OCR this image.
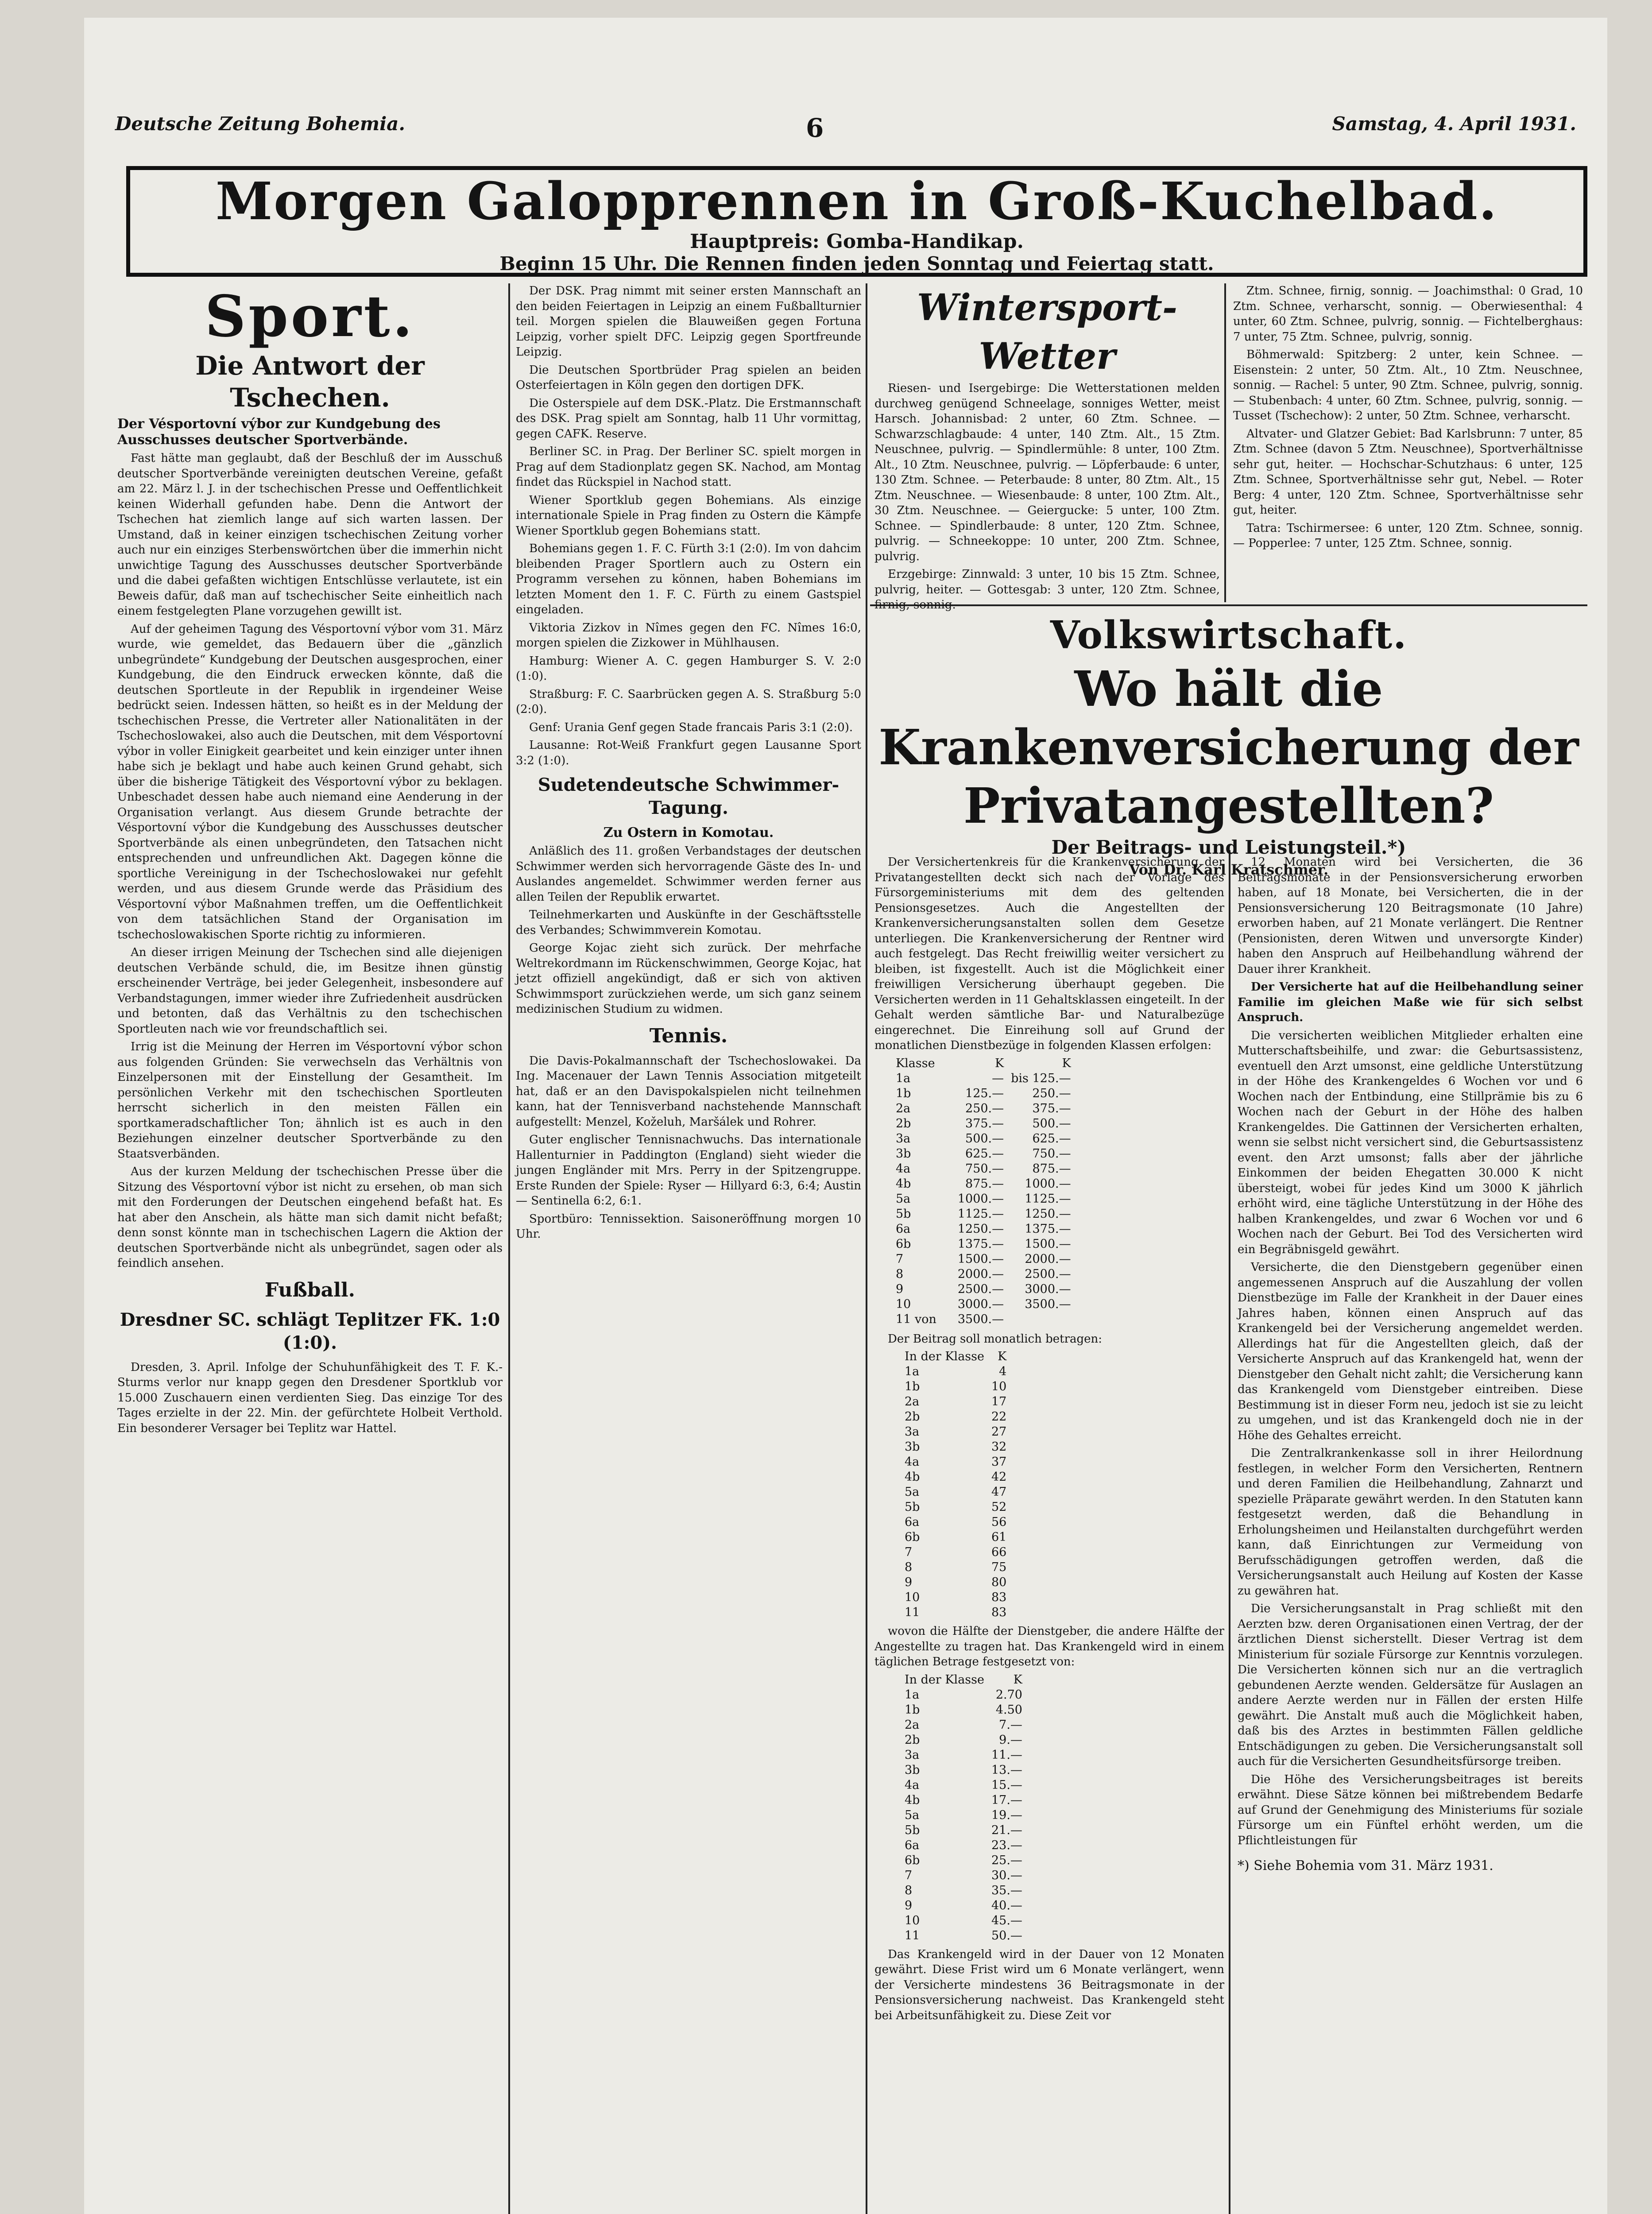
Deutsche Zeitung Bohemia.	6	Samstag, 4. April 1931.
Morgen Galopprennen in Groß-Kuchelbad.
Hauptpreis: Gomba-Handikap.
Beginn 15 Uhr. Die Rennen finden jeden Sonntag und Feiertag statt.
Sport.
Die Antwort der Tschechen.
Der Vésportovní výbor zur Kundgebung des Ausschusses deutscher Sportverbände.

Fast hätte man geglaubt, daß der Beschluß der im Ausschuß deutscher Sportverbände vereinigten deutschen Vereine, gefaßt am 22. März l. J. in der tschechischen Presse und Oeffentlichkeit keinen Widerhall gefunden habe. Denn die Antwort der Tschechen hat ziemlich lange auf sich warten lassen. Der Umstand, daß in keiner einzigen tschechischen Zeitung vorher auch nur ein einziges Sterbenswörtchen über die immerhin nicht unwichtige Tagung des Ausschusses deutscher Sportverbände und die dabei gefaßten wichtigen Entschlüsse verlautete, ist ein Beweis dafür, daß man auf tschechischer Seite einheitlich nach einem festgelegten Plane vorzugehen gewillt ist.

Auf der geheimen Tagung des Vésportovní výbor vom 31. März wurde, wie gemeldet, das Bedauern über die „gänzlich unbegründete“ Kundgebung der Deutschen ausgesprochen, einer Kundgebung, die den Eindruck erwecken könnte, daß die deutschen Sportleute in der Republik in irgendeiner Weise bedrückt seien. Indessen hätten, so heißt es in der Meldung der tschechischen Presse, die Vertreter aller Nationalitäten in der Tschechoslowakei, also auch die Deutschen, mit dem Vésportovní výbor in voller Einigkeit gearbeitet und kein einziger unter ihnen habe sich je beklagt und habe auch keinen Grund gehabt, sich über die bisherige Tätigkeit des Vésportovní výbor zu beklagen. Unbeschadet dessen habe auch niemand eine Aenderung in der Organisation verlangt. Aus diesem Grunde betrachte der Vésportovní výbor die Kundgebung des Ausschusses deutscher Sportverbände als einen unbegründeten, den Tatsachen nicht entsprechenden und unfreundlichen Akt. Dagegen könne die sportliche Vereinigung in der Tschechoslowakei nur gefehlt werden, und aus diesem Grunde werde das Präsidium des Vésportovní výbor Maßnahmen treffen, um die Oeffentlichkeit von dem tatsächlichen Stand der Organisation im tschechoslowakischen Sporte richtig zu informieren.

An dieser irrigen Meinung der Tschechen sind alle diejenigen deutschen Verbände schuld, die, im Besitze ihnen günstig erscheinender Verträge, bei jeder Gelegenheit, insbesondere auf Verbandstagungen, immer wieder ihre Zufriedenheit ausdrücken und betonten, daß das Verhältnis zu den tschechischen Sportleuten nach wie vor freundschaftlich sei.

Irrig ist die Meinung der Herren im Vésportovní výbor schon aus folgenden Gründen: Sie verwechseln das Verhältnis von Einzelpersonen mit der Einstellung der Gesamtheit. Im persönlichen Verkehr mit den tschechischen Sportleuten herrscht sicherlich in den meisten Fällen ein sportkameradschaftlicher Ton; ähnlich ist es auch in den Beziehungen einzelner deutscher Sportverbände zu den Staatsverbänden.

Aus der kurzen Meldung der tschechischen Presse über die Sitzung des Vésportovní výbor ist nicht zu ersehen, ob man sich mit den Forderungen der Deutschen eingehend befaßt hat. Es hat aber den Anschein, als hätte man sich damit nicht befaßt; denn sonst könnte man in tschechischen Lagern die Aktion der deutschen Sportverbände nicht als unbegründet, sagen oder als feindlich ansehen.

Fußball.
Dresdner SC. schlägt Teplitzer FK. 1:0 (1:0).

Dresden, 3. April. Infolge der Schuhunfähigkeit des T. F. K.-Sturms verlor nur knapp gegen den Dresdener Sportklub vor 15.000 Zuschauern einen verdienten Sieg. Das einzige Tor des Tages erzielte in der 22. Min. der gefürchtete Holbeit Verthold. Ein besonderer Versager bei Teplitz war Hattel.

Der DSK. Prag nimmt mit seiner ersten Mannschaft an den beiden Feiertagen in Leipzig an einem Fußballturnier teil. Morgen spielen die Blauweißen gegen Fortuna Leipzig, vorher spielt DFC. Leipzig gegen Sportfreunde Leipzig.

Die Deutschen Sportbrüder Prag spielen an beiden Osterfeiertagen in Köln gegen den dortigen DFK.

Die Osterspiele auf dem DSK.-Platz. Die Erstmannschaft des DSK. Prag spielt am Sonntag, halb 11 Uhr vormittag, gegen CAFK. Reserve.

Berliner SC. in Prag. Der Berliner SC. spielt morgen in Prag auf dem Stadionplatz gegen SK. Nachod, am Montag findet das Rückspiel in Nachod statt.

Wiener Sportklub gegen Bohemians. Als einzige internationale Spiele in Prag finden zu Ostern die Kämpfe Wiener Sportklub gegen Bohemians statt.

Bohemians gegen 1. F. C. Fürth 3:1 (2:0). Im von dahcim bleibenden Prager Sportlern auch zu Ostern ein Programm versehen zu können, haben Bohemians im letzten Moment den 1. F. C. Fürth zu einem Gastspiel eingeladen.

Viktoria Zizkov in Nîmes gegen den FC. Nîmes 16:0, morgen spielen die Zizkower in Mühlhausen.

Hamburg: Wiener A. C. gegen Hamburger S. V. 2:0 (1:0).

Straßburg: F. C. Saarbrücken gegen A. S. Straßburg 5:0 (2:0).

Genf: Urania Genf gegen Stade francais Paris 3:1 (2:0).

Lausanne: Rot-Weiß Frankfurt gegen Lausanne Sport 3:2 (1:0).

Sudetendeutsche Schwimmer-Tagung.
Zu Ostern in Komotau.

Anläßlich des 11. großen Verbandstages der deutschen Schwimmer werden sich hervorragende Gäste des In- und Auslandes angemeldet. Schwimmer werden ferner aus allen Teilen der Republik erwartet.

Teilnehmerkarten und Auskünfte in der Geschäftsstelle des Verbandes; Schwimmverein Komotau.

George Kojac zieht sich zurück. Der mehrfache Weltrekordmann im Rückenschwimmen, George Kojac, hat jetzt offiziell angekündigt, daß er sich von aktiven Schwimmsport zurückziehen werde, um sich ganz seinem medizinischen Studium zu widmen.

Tennis.

Die Davis-Pokalmannschaft der Tschechoslowakei. Da Ing. Macenauer der Lawn Tennis Association mitgeteilt hat, daß er an den Davispokalspielen nicht teilnehmen kann, hat der Tennisverband nachstehende Mannschaft aufgestellt: Menzel, Koželuh, Maršálek und Rohrer.

Guter englischer Tennisnachwuchs. Das internationale Hallenturnier in Paddington (England) sieht wieder die jungen Engländer mit Mrs. Perry in der Spitzengruppe. Erste Runden der Spiele: Ryser — Hillyard 6:3, 6:4; Austin — Sentinella 6:2, 6:1.

Sportbüro: Tennissektion. Saisoneröffnung morgen 10 Uhr.

Wintersport-Wetter

Riesen- und Isergebirge: Die Wetterstationen melden durchweg genügend Schneelage, sonniges Wetter, meist Harsch. Johannisbad: 2 unter, 60 Ztm. Schnee. — Schwarzschlagbaude: 4 unter, 140 Ztm. Alt., 15 Ztm. Neuschnee, pulvrig. — Spindlermühle: 8 unter, 100 Ztm. Alt., 10 Ztm. Neuschnee, pulvrig. — Löpferbaude: 6 unter, 130 Ztm. Schnee. — Peterbaude: 8 unter, 80 Ztm. Alt., 15 Ztm. Neuschnee. — Wiesenbaude: 8 unter, 100 Ztm. Alt., 30 Ztm. Neuschnee. — Geiergucke: 5 unter, 100 Ztm. Schnee. — Spindlerbaude: 8 unter, 120 Ztm. Schnee, pulvrig. — Schneekoppe: 10 unter, 200 Ztm. Schnee, pulvrig.

Erzgebirge: Zinnwald: 3 unter, 10 bis 15 Ztm. Schnee, pulvrig, heiter. — Gottesgab: 3 unter, 120 Ztm. Schnee, firnig, sonnig.

Ztm. Schnee, firnig, sonnig. — Joachimsthal: 0 Grad, 10 Ztm. Schnee, verharscht, sonnig. — Oberwiesenthal: 4 unter, 60 Ztm. Schnee, pulvrig, sonnig. — Fichtelberghaus: 7 unter, 75 Ztm. Schnee, pulvrig, sonnig.

Böhmerwald: Spitzberg: 2 unter, kein Schnee. — Eisenstein: 2 unter, 50 Ztm. Alt., 10 Ztm. Neuschnee, sonnig. — Rachel: 5 unter, 90 Ztm. Schnee, pulvrig, sonnig. — Stubenbach: 4 unter, 60 Ztm. Schnee, pulvrig, sonnig. — Tusset (Tschechow): 2 unter, 50 Ztm. Schnee, verharscht.

Altvater- und Glatzer Gebiet: Bad Karlsbrunn: 7 unter, 85 Ztm. Schnee (davon 5 Ztm. Neuschnee), Sportverhältnisse sehr gut, heiter. — Hochschar-Schutzhaus: 6 unter, 125 Ztm. Schnee, Sportverhältnisse sehr gut, Nebel. — Roter Berg: 4 unter, 120 Ztm. Schnee, Sportverhältnisse sehr gut, heiter.

Tatra: Tschirmersee: 6 unter, 120 Ztm. Schnee, sonnig. — Popperlee: 7 unter, 125 Ztm. Schnee, sonnig.

Volkswirtschaft.
Wo hält die Krankenversicherung der Privatangestellten?
Der Beitrags- und Leistungsteil.*)
Von Dr. Karl Kratschmer.

Der Versichertenkreis für die Krankenversicherung der Privatangestellten deckt sich nach der Vorlage des Fürsorgeministeriums mit dem des geltenden Pensionsgesetzes. Auch die Angestellten der Krankenversicherungsanstalten sollen dem Gesetze unterliegen. Die Krankenversicherung der Rentner wird auch festgelegt. Das Recht freiwillig weiter versichert zu bleiben, ist fixgestellt. Auch ist die Möglichkeit einer freiwilligen Versicherung überhaupt gegeben. Die Versicherten werden in 11 Gehaltsklassen eingeteilt. In der Gehalt werden sämtliche Bar- und Naturalbezüge eingerechnet. Die Einreihung soll auf Grund der monatlichen Dienstbezüge in folgenden Klassen erfolgen:

Klasse	K	K
1a	—	bis 125.—
1b	125.—	250.—
2a	250.—	375.—
2b	375.—	500.—
3a	500.—	625.—
3b	625.—	750.—
4a	750.—	875.—
4b	875.—	1000.—
5a	1000.—	1125.—
5b	1125.—	1250.—
6a	1250.—	1375.—
6b	1375.—	1500.—
7	1500.—	2000.—
8	2000.—	2500.—
9	2500.—	3000.—
10	3000.—	3500.—
11 von	3500.—	

Der Beitrag soll monatlich betragen:

In der Klasse	K
1a	4
1b	10
2a	17
2b	22
3a	27
3b	32
4a	37
4b	42
5a	47
5b	52
6a	56
6b	61
7	66
8	75
9	80
10	83
11	83

wovon die Hälfte der Dienstgeber, die andere Hälfte der Angestellte zu tragen hat. Das Krankengeld wird in einem täglichen Betrage festgesetzt von:

In der Klasse	K
1a	2.70
1b	4.50
2a	7.—
2b	9.—
3a	11.—
3b	13.—
4a	15.—
4b	17.—
5a	19.—
5b	21.—
6a	23.—
6b	25.—
7	30.—
8	35.—
9	40.—
10	45.—
11	50.—

Das Krankengeld wird in der Dauer von 12 Monaten gewährt. Diese Frist wird um 6 Monate verlängert, wenn der Versicherte mindestens 36 Beitragsmonate in der Pensionsversicherung nachweist. Das Krankengeld steht bei Arbeitsunfähigkeit zu. Diese Zeit vor

12 Monaten wird bei Versicherten, die 36 Beitragsmonate in der Pensionsversicherung erworben haben, auf 18 Monate, bei Versicherten, die in der Pensionsversicherung 120 Beitragsmonate (10 Jahre) erworben haben, auf 21 Monate verlängert. Die Rentner (Pensionisten, deren Witwen und unversorgte Kinder) haben den Anspruch auf Heilbehandlung während der Dauer ihrer Krankheit.

Der Versicherte hat auf die Heilbehandlung seiner Familie im gleichen Maße wie für sich selbst Anspruch.

Die versicherten weiblichen Mitglieder erhalten eine Mutterschaftsbeihilfe, und zwar: die Geburtsassistenz, eventuell den Arzt umsonst, eine geldliche Unterstützung in der Höhe des Krankengeldes 6 Wochen vor und 6 Wochen nach der Entbindung, eine Stillprämie bis zu 6 Wochen nach der Geburt in der Höhe des halben Krankengeldes. Die Gattinnen der Versicherten erhalten, wenn sie selbst nicht versichert sind, die Geburtsassistenz event. den Arzt umsonst; falls aber der jährliche Einkommen der beiden Ehegatten 30.000 K nicht übersteigt, wobei für jedes Kind um 3000 K jährlich erhöht wird, eine tägliche Unterstützung in der Höhe des halben Krankengeldes, und zwar 6 Wochen vor und 6 Wochen nach der Geburt. Bei Tod des Versicherten wird ein Begräbnisgeld gewährt.

Versicherte, die den Dienstgebern gegenüber einen angemessenen Anspruch auf die Auszahlung der vollen Dienstbezüge im Falle der Krankheit in der Dauer eines Jahres haben, können einen Anspruch auf das Krankengeld bei der Versicherung angemeldet werden. Allerdings hat für die Angestellten gleich, daß der Versicherte Anspruch auf das Krankengeld hat, wenn der Dienstgeber den Gehalt nicht zahlt; die Versicherung kann das Krankengeld vom Dienstgeber eintreiben. Diese Bestimmung ist in dieser Form neu, jedoch ist sie zu leicht zu umgehen, und ist das Krankengeld doch nie in der Höhe des Gehaltes erreicht.

Die Zentralkrankenkasse soll in ihrer Heilordnung festlegen, in welcher Form den Versicherten, Rentnern und deren Familien die Heilbehandlung, Zahnarzt und spezielle Präparate gewährt werden. In den Statuten kann festgesetzt werden, daß die Behandlung in Erholungsheimen und Heilanstalten durchgeführt werden kann, daß Einrichtungen zur Vermeidung von Berufsschädigungen getroffen werden, daß die Versicherungsanstalt auch Heilung auf Kosten der Kasse zu gewähren hat.

Die Versicherungsanstalt in Prag schließt mit den Aerzten bzw. deren Organisationen einen Vertrag, der der ärztlichen Dienst sicherstellt. Dieser Vertrag ist dem Ministerium für soziale Fürsorge zur Kenntnis vorzulegen. Die Versicherten können sich nur an die vertraglich gebundenen Aerzte wenden. Geldersätze für Auslagen an andere Aerzte werden nur in Fällen der ersten Hilfe gewährt. Die Anstalt muß auch die Möglichkeit haben, daß bis des Arztes in bestimmten Fällen geldliche Entschädigungen zu geben. Die Versicherungsanstalt soll auch für die Versicherten Gesundheitsfürsorge treiben.

Die Höhe des Versicherungsbeitrages ist bereits erwähnt. Diese Sätze können bei mißtrebendem Bedarfe auf Grund der Genehmigung des Ministeriums für soziale Fürsorge um ein Fünftel erhöht werden, um die Pflichtleistungen für

*) Siehe Bohemia vom 31. März 1931.
